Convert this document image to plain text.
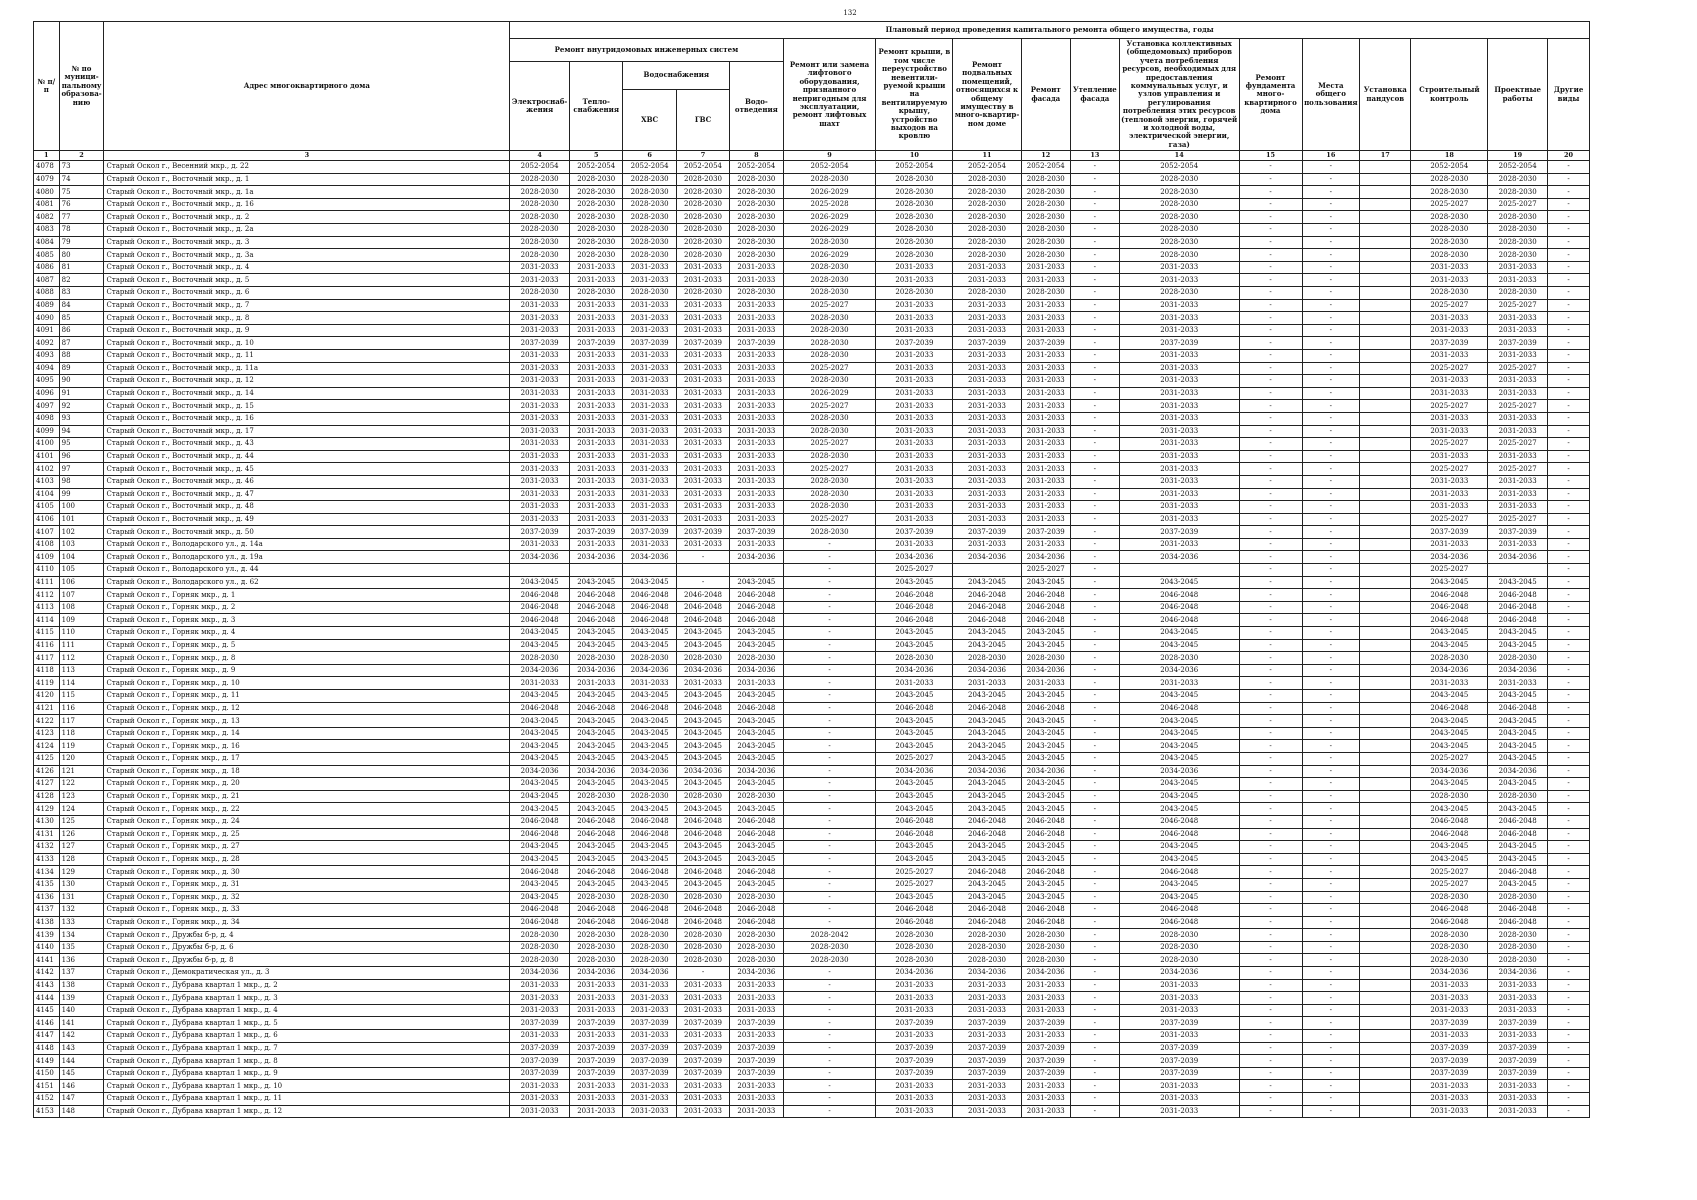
132
№ п/п	№ по муници-пальному образова-нию	Адрес многоквартирного дома	Плановый период проведения капитального ремонта общего имущества, годы																
			Ремонт внутридомовых инженерных систем					Ремонт или замена лифтового оборудования, признанного непригодным для эксплуатации, ремонт лифтовых шахт	Ремонт крыши, в том числе переустройство невентили-руемой крыши на вентилируемую крышу, устройство выходов на кровлю	Ремонт подвальных помещений, относящихся к общему имуществу в много-квартир-ном доме	Ремонт фасада	Утепление фасада	Установка коллективных (общедомовых) приборов учета потребления ресурсов, необходимых для предоставления коммунальных услуг, и узлов управления и регулирования потребления этих ресурсов (тепловой энергии, горячей и холодной воды, электрической энергии, газа)	Ремонт фундамента много-квартирного дома	Места общего пользования	Установка пандусов	Строительный контроль	Проектные работы	Другие виды
			Электроснаб-жения	Тепло-снабжения	Водоснабжения		Водо-отведения												
					ХВС	ГВС													
1	2	3	4	5	6	7	8	9	10	11	12	13	14	15	16	17	18	19	20
4078	73	Старый Оскол г., Весенний мкр., д. 22	2052-2054	2052-2054	2052-2054	2052-2054	2052-2054	2052-2054	2052-2054	2052-2054	2052-2054	-	2052-2054	-	-		2052-2054	2052-2054	-
4079	74	Старый Оскол г., Восточный мкр., д. 1	2028-2030	2028-2030	2028-2030	2028-2030	2028-2030	2028-2030	2028-2030	2028-2030	2028-2030	-	2028-2030	-	-		2028-2030	2028-2030	-
4080	75	Старый Оскол г., Восточный мкр., д. 1а	2028-2030	2028-2030	2028-2030	2028-2030	2028-2030	2026-2029	2028-2030	2028-2030	2028-2030	-	2028-2030	-	-		2028-2030	2028-2030	-
4081	76	Старый Оскол г., Восточный мкр., д. 16	2028-2030	2028-2030	2028-2030	2028-2030	2028-2030	2025-2028	2028-2030	2028-2030	2028-2030	-	2028-2030	-	-		2025-2027	2025-2027	-
4082	77	Старый Оскол г., Восточный мкр., д. 2	2028-2030	2028-2030	2028-2030	2028-2030	2028-2030	2026-2029	2028-2030	2028-2030	2028-2030	-	2028-2030	-	-		2028-2030	2028-2030	-
4083	78	Старый Оскол г., Восточный мкр., д. 2а	2028-2030	2028-2030	2028-2030	2028-2030	2028-2030	2026-2029	2028-2030	2028-2030	2028-2030	-	2028-2030	-	-		2028-2030	2028-2030	-
4084	79	Старый Оскол г., Восточный мкр., д. 3	2028-2030	2028-2030	2028-2030	2028-2030	2028-2030	2028-2030	2028-2030	2028-2030	2028-2030	-	2028-2030	-	-		2028-2030	2028-2030	-
4085	80	Старый Оскол г., Восточный мкр., д. 3а	2028-2030	2028-2030	2028-2030	2028-2030	2028-2030	2026-2029	2028-2030	2028-2030	2028-2030	-	2028-2030	-	-		2028-2030	2028-2030	-
4086	81	Старый Оскол г., Восточный мкр., д. 4	2031-2033	2031-2033	2031-2033	2031-2033	2031-2033	2028-2030	2031-2033	2031-2033	2031-2033	-	2031-2033	-	-		2031-2033	2031-2033	-
4087	82	Старый Оскол г., Восточный мкр., д. 5	2031-2033	2031-2033	2031-2033	2031-2033	2031-2033	2028-2030	2031-2033	2031-2033	2031-2033	-	2031-2033	-	-		2031-2033	2031-2033	-
4088	83	Старый Оскол г., Восточный мкр., д. 6	2028-2030	2028-2030	2028-2030	2028-2030	2028-2030	2028-2030	2028-2030	2028-2030	2028-2030	-	2028-2030	-	-		2028-2030	2028-2030	-
4089	84	Старый Оскол г., Восточный мкр., д. 7	2031-2033	2031-2033	2031-2033	2031-2033	2031-2033	2025-2027	2031-2033	2031-2033	2031-2033	-	2031-2033	-	-		2025-2027	2025-2027	-
4090	85	Старый Оскол г., Восточный мкр., д. 8	2031-2033	2031-2033	2031-2033	2031-2033	2031-2033	2028-2030	2031-2033	2031-2033	2031-2033	-	2031-2033	-	-		2031-2033	2031-2033	-
4091	86	Старый Оскол г., Восточный мкр., д. 9	2031-2033	2031-2033	2031-2033	2031-2033	2031-2033	2028-2030	2031-2033	2031-2033	2031-2033	-	2031-2033	-	-		2031-2033	2031-2033	-
4092	87	Старый Оскол г., Восточный мкр., д. 10	2037-2039	2037-2039	2037-2039	2037-2039	2037-2039	2028-2030	2037-2039	2037-2039	2037-2039	-	2037-2039	-	-		2037-2039	2037-2039	-
4093	88	Старый Оскол г., Восточный мкр., д. 11	2031-2033	2031-2033	2031-2033	2031-2033	2031-2033	2028-2030	2031-2033	2031-2033	2031-2033	-	2031-2033	-	-		2031-2033	2031-2033	-
4094	89	Старый Оскол г., Восточный мкр., д. 11а	2031-2033	2031-2033	2031-2033	2031-2033	2031-2033	2025-2027	2031-2033	2031-2033	2031-2033	-	2031-2033	-	-		2025-2027	2025-2027	-
4095	90	Старый Оскол г., Восточный мкр., д. 12	2031-2033	2031-2033	2031-2033	2031-2033	2031-2033	2028-2030	2031-2033	2031-2033	2031-2033	-	2031-2033	-	-		2031-2033	2031-2033	-
4096	91	Старый Оскол г., Восточный мкр., д. 14	2031-2033	2031-2033	2031-2033	2031-2033	2031-2033	2026-2029	2031-2033	2031-2033	2031-2033	-	2031-2033	-	-		2031-2033	2031-2033	-
4097	92	Старый Оскол г., Восточный мкр., д. 15	2031-2033	2031-2033	2031-2033	2031-2033	2031-2033	2025-2027	2031-2033	2031-2033	2031-2033	-	2031-2033	-	-		2025-2027	2025-2027	-
4098	93	Старый Оскол г., Восточный мкр., д. 16	2031-2033	2031-2033	2031-2033	2031-2033	2031-2033	2028-2030	2031-2033	2031-2033	2031-2033	-	2031-2033	-	-		2031-2033	2031-2033	-
4099	94	Старый Оскол г., Восточный мкр., д. 17	2031-2033	2031-2033	2031-2033	2031-2033	2031-2033	2028-2030	2031-2033	2031-2033	2031-2033	-	2031-2033	-	-		2031-2033	2031-2033	-
4100	95	Старый Оскол г., Восточный мкр., д. 43	2031-2033	2031-2033	2031-2033	2031-2033	2031-2033	2025-2027	2031-2033	2031-2033	2031-2033	-	2031-2033	-	-		2025-2027	2025-2027	-
4101	96	Старый Оскол г., Восточный мкр., д. 44	2031-2033	2031-2033	2031-2033	2031-2033	2031-2033	2028-2030	2031-2033	2031-2033	2031-2033	-	2031-2033	-	-		2031-2033	2031-2033	-
4102	97	Старый Оскол г., Восточный мкр., д. 45	2031-2033	2031-2033	2031-2033	2031-2033	2031-2033	2025-2027	2031-2033	2031-2033	2031-2033	-	2031-2033	-	-		2025-2027	2025-2027	-
4103	98	Старый Оскол г., Восточный мкр., д. 46	2031-2033	2031-2033	2031-2033	2031-2033	2031-2033	2028-2030	2031-2033	2031-2033	2031-2033	-	2031-2033	-	-		2031-2033	2031-2033	-
4104	99	Старый Оскол г., Восточный мкр., д. 47	2031-2033	2031-2033	2031-2033	2031-2033	2031-2033	2028-2030	2031-2033	2031-2033	2031-2033	-	2031-2033	-	-		2031-2033	2031-2033	-
4105	100	Старый Оскол г., Восточный мкр., д. 48	2031-2033	2031-2033	2031-2033	2031-2033	2031-2033	2028-2030	2031-2033	2031-2033	2031-2033	-	2031-2033	-	-		2031-2033	2031-2033	-
4106	101	Старый Оскол г., Восточный мкр., д. 49	2031-2033	2031-2033	2031-2033	2031-2033	2031-2033	2025-2027	2031-2033	2031-2033	2031-2033	-	2031-2033	-	-		2025-2027	2025-2027	-
4107	102	Старый Оскол г., Восточный мкр., д. 50	2037-2039	2037-2039	2037-2039	2037-2039	2037-2039	2028-2030	2037-2039	2037-2039	2037-2039	-	2037-2039	-	-		2037-2039	2037-2039	-
4108	103	Старый Оскол г., Володарского ул., д. 14а	2031-2033	2031-2033	2031-2033	2031-2033	2031-2033	-	2031-2033	2031-2033	2031-2033	-	2031-2033	-	-		2031-2033	2031-2033	-
4109	104	Старый Оскол г., Володарского ул., д. 19а	2034-2036	2034-2036	2034-2036	-	2034-2036	-	2034-2036	2034-2036	2034-2036	-	2034-2036	-	-		2034-2036	2034-2036	-
4110	105	Старый Оскол г., Володарского ул., д. 44						-	2025-2027		2025-2027	-		-	-		2025-2027		-
4111	106	Старый Оскол г., Володарского ул., д. 62	2043-2045	2043-2045	2043-2045	-	2043-2045	-	2043-2045	2043-2045	2043-2045	-	2043-2045	-	-		2043-2045	2043-2045	-
4112	107	Старый Оскол г., Горняк мкр., д. 1	2046-2048	2046-2048	2046-2048	2046-2048	2046-2048	-	2046-2048	2046-2048	2046-2048	-	2046-2048	-	-		2046-2048	2046-2048	-
4113	108	Старый Оскол г., Горняк мкр., д. 2	2046-2048	2046-2048	2046-2048	2046-2048	2046-2048	-	2046-2048	2046-2048	2046-2048	-	2046-2048	-	-		2046-2048	2046-2048	-
4114	109	Старый Оскол г., Горняк мкр., д. 3	2046-2048	2046-2048	2046-2048	2046-2048	2046-2048	-	2046-2048	2046-2048	2046-2048	-	2046-2048	-	-		2046-2048	2046-2048	-
4115	110	Старый Оскол г., Горняк мкр., д. 4	2043-2045	2043-2045	2043-2045	2043-2045	2043-2045	-	2043-2045	2043-2045	2043-2045	-	2043-2045	-	-		2043-2045	2043-2045	-
4116	111	Старый Оскол г., Горняк мкр., д. 5	2043-2045	2043-2045	2043-2045	2043-2045	2043-2045	-	2043-2045	2043-2045	2043-2045	-	2043-2045	-	-		2043-2045	2043-2045	-
4117	112	Старый Оскол г., Горняк мкр., д. 8	2028-2030	2028-2030	2028-2030	2028-2030	2028-2030	-	2028-2030	2028-2030	2028-2030	-	2028-2030	-	-		2028-2030	2028-2030	-
4118	113	Старый Оскол г., Горняк мкр., д. 9	2034-2036	2034-2036	2034-2036	2034-2036	2034-2036	-	2034-2036	2034-2036	2034-2036	-	2034-2036	-	-		2034-2036	2034-2036	-
4119	114	Старый Оскол г., Горняк мкр., д. 10	2031-2033	2031-2033	2031-2033	2031-2033	2031-2033	-	2031-2033	2031-2033	2031-2033	-	2031-2033	-	-		2031-2033	2031-2033	-
4120	115	Старый Оскол г., Горняк мкр., д. 11	2043-2045	2043-2045	2043-2045	2043-2045	2043-2045	-	2043-2045	2043-2045	2043-2045	-	2043-2045	-	-		2043-2045	2043-2045	-
4121	116	Старый Оскол г., Горняк мкр., д. 12	2046-2048	2046-2048	2046-2048	2046-2048	2046-2048	-	2046-2048	2046-2048	2046-2048	-	2046-2048	-	-		2046-2048	2046-2048	-
4122	117	Старый Оскол г., Горняк мкр., д. 13	2043-2045	2043-2045	2043-2045	2043-2045	2043-2045	-	2043-2045	2043-2045	2043-2045	-	2043-2045	-	-		2043-2045	2043-2045	-
4123	118	Старый Оскол г., Горняк мкр., д. 14	2043-2045	2043-2045	2043-2045	2043-2045	2043-2045	-	2043-2045	2043-2045	2043-2045	-	2043-2045	-	-		2043-2045	2043-2045	-
4124	119	Старый Оскол г., Горняк мкр., д. 16	2043-2045	2043-2045	2043-2045	2043-2045	2043-2045	-	2043-2045	2043-2045	2043-2045	-	2043-2045	-	-		2043-2045	2043-2045	-
4125	120	Старый Оскол г., Горняк мкр., д. 17	2043-2045	2043-2045	2043-2045	2043-2045	2043-2045	-	2025-2027	2043-2045	2043-2045	-	2043-2045	-	-		2025-2027	2043-2045	-
4126	121	Старый Оскол г., Горняк мкр., д. 18	2034-2036	2034-2036	2034-2036	2034-2036	2034-2036	-	2034-2036	2034-2036	2034-2036	-	2034-2036	-	-		2034-2036	2034-2036	-
4127	122	Старый Оскол г., Горняк мкр., д. 20	2043-2045	2043-2045	2043-2045	2043-2045	2043-2045	-	2043-2045	2043-2045	2043-2045	-	2043-2045	-	-		2043-2045	2043-2045	-
4128	123	Старый Оскол г., Горняк мкр., д. 21	2043-2045	2028-2030	2028-2030	2028-2030	2028-2030	-	2043-2045	2043-2045	2043-2045	-	2043-2045	-	-		2028-2030	2028-2030	-
4129	124	Старый Оскол г., Горняк мкр., д. 22	2043-2045	2043-2045	2043-2045	2043-2045	2043-2045	-	2043-2045	2043-2045	2043-2045	-	2043-2045	-	-		2043-2045	2043-2045	-
4130	125	Старый Оскол г., Горняк мкр., д. 24	2046-2048	2046-2048	2046-2048	2046-2048	2046-2048	-	2046-2048	2046-2048	2046-2048	-	2046-2048	-	-		2046-2048	2046-2048	-
4131	126	Старый Оскол г., Горняк мкр., д. 25	2046-2048	2046-2048	2046-2048	2046-2048	2046-2048	-	2046-2048	2046-2048	2046-2048	-	2046-2048	-	-		2046-2048	2046-2048	-
4132	127	Старый Оскол г., Горняк мкр., д. 27	2043-2045	2043-2045	2043-2045	2043-2045	2043-2045	-	2043-2045	2043-2045	2043-2045	-	2043-2045	-	-		2043-2045	2043-2045	-
4133	128	Старый Оскол г., Горняк мкр., д. 28	2043-2045	2043-2045	2043-2045	2043-2045	2043-2045	-	2043-2045	2043-2045	2043-2045	-	2043-2045	-	-		2043-2045	2043-2045	-
4134	129	Старый Оскол г., Горняк мкр., д. 30	2046-2048	2046-2048	2046-2048	2046-2048	2046-2048	-	2025-2027	2046-2048	2046-2048	-	2046-2048	-	-		2025-2027	2046-2048	-
4135	130	Старый Оскол г., Горняк мкр., д. 31	2043-2045	2043-2045	2043-2045	2043-2045	2043-2045	-	2025-2027	2043-2045	2043-2045	-	2043-2045	-	-		2025-2027	2043-2045	-
4136	131	Старый Оскол г., Горняк мкр., д. 32	2043-2045	2028-2030	2028-2030	2028-2030	2028-2030	-	2043-2045	2043-2045	2043-2045	-	2043-2045	-	-		2028-2030	2028-2030	-
4137	132	Старый Оскол г., Горняк мкр., д. 33	2046-2048	2046-2048	2046-2048	2046-2048	2046-2048	-	2046-2048	2046-2048	2046-2048	-	2046-2048	-	-		2046-2048	2046-2048	-
4138	133	Старый Оскол г., Горняк мкр., д. 34	2046-2048	2046-2048	2046-2048	2046-2048	2046-2048	-	2046-2048	2046-2048	2046-2048	-	2046-2048	-	-		2046-2048	2046-2048	-
4139	134	Старый Оскол г., Дружбы б-р, д. 4	2028-2030	2028-2030	2028-2030	2028-2030	2028-2030	2028-2042	2028-2030	2028-2030	2028-2030	-	2028-2030	-	-		2028-2030	2028-2030	-
4140	135	Старый Оскол г., Дружбы б-р, д. 6	2028-2030	2028-2030	2028-2030	2028-2030	2028-2030	2028-2030	2028-2030	2028-2030	2028-2030	-	2028-2030	-	-		2028-2030	2028-2030	-
4141	136	Старый Оскол г., Дружбы б-р, д. 8	2028-2030	2028-2030	2028-2030	2028-2030	2028-2030	2028-2030	2028-2030	2028-2030	2028-2030	-	2028-2030	-	-		2028-2030	2028-2030	-
4142	137	Старый Оскол г., Демократическая ул., д. 3	2034-2036	2034-2036	2034-2036	-	2034-2036	-	2034-2036	2034-2036	2034-2036	-	2034-2036	-	-		2034-2036	2034-2036	-
4143	138	Старый Оскол г., Дубрава квартал 1 мкр., д. 2	2031-2033	2031-2033	2031-2033	2031-2033	2031-2033	-	2031-2033	2031-2033	2031-2033	-	2031-2033	-	-		2031-2033	2031-2033	-
4144	139	Старый Оскол г., Дубрава квартал 1 мкр., д. 3	2031-2033	2031-2033	2031-2033	2031-2033	2031-2033	-	2031-2033	2031-2033	2031-2033	-	2031-2033	-	-		2031-2033	2031-2033	-
4145	140	Старый Оскол г., Дубрава квартал 1 мкр., д. 4	2031-2033	2031-2033	2031-2033	2031-2033	2031-2033	-	2031-2033	2031-2033	2031-2033	-	2031-2033	-	-		2031-2033	2031-2033	-
4146	141	Старый Оскол г., Дубрава квартал 1 мкр., д. 5	2037-2039	2037-2039	2037-2039	2037-2039	2037-2039	-	2037-2039	2037-2039	2037-2039	-	2037-2039	-	-		2037-2039	2037-2039	-
4147	142	Старый Оскол г., Дубрава квартал 1 мкр., д. 6	2031-2033	2031-2033	2031-2033	2031-2033	2031-2033	-	2031-2033	2031-2033	2031-2033	-	2031-2033	-	-		2031-2033	2031-2033	-
4148	143	Старый Оскол г., Дубрава квартал 1 мкр., д. 7	2037-2039	2037-2039	2037-2039	2037-2039	2037-2039	-	2037-2039	2037-2039	2037-2039	-	2037-2039	-	-		2037-2039	2037-2039	-
4149	144	Старый Оскол г., Дубрава квартал 1 мкр., д. 8	2037-2039	2037-2039	2037-2039	2037-2039	2037-2039	-	2037-2039	2037-2039	2037-2039	-	2037-2039	-	-		2037-2039	2037-2039	-
4150	145	Старый Оскол г., Дубрава квартал 1 мкр., д. 9	2037-2039	2037-2039	2037-2039	2037-2039	2037-2039	-	2037-2039	2037-2039	2037-2039	-	2037-2039	-	-		2037-2039	2037-2039	-
4151	146	Старый Оскол г., Дубрава квартал 1 мкр., д. 10	2031-2033	2031-2033	2031-2033	2031-2033	2031-2033	-	2031-2033	2031-2033	2031-2033	-	2031-2033	-	-		2031-2033	2031-2033	-
4152	147	Старый Оскол г., Дубрава квартал 1 мкр., д. 11	2031-2033	2031-2033	2031-2033	2031-2033	2031-2033	-	2031-2033	2031-2033	2031-2033	-	2031-2033	-	-		2031-2033	2031-2033	-
4153	148	Старый Оскол г., Дубрава квартал 1 мкр., д. 12	2031-2033	2031-2033	2031-2033	2031-2033	2031-2033	-	2031-2033	2031-2033	2031-2033	-	2031-2033	-	-		2031-2033	2031-2033	-
